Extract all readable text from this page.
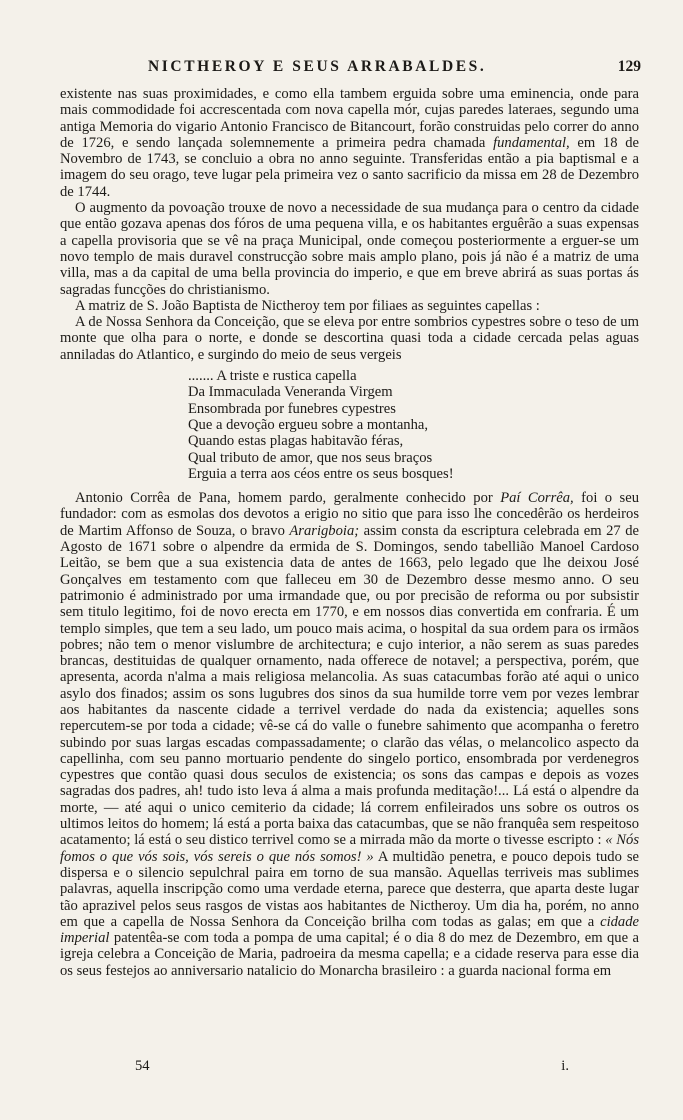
NICTHEROY E SEUS ARRABALDES.	129

existente nas suas proximidades, e como ella tambem erguida sobre uma eminencia, onde para mais commodidade foi accrescentada com nova capella mór, cujas paredes lateraes, segundo uma antiga Memoria do vigario Antonio Francisco de Bitancourt, forão construidas pelo correr do anno de 1726, e sendo lançada solemnemente a primeira pedra chamada fundamental, em 18 de Novembro de 1743, se concluio a obra no anno seguinte. Transferidas então a pia baptismal e a imagem do seu orago, teve lugar pela primeira vez o santo sacrificio da missa em 28 de Dezembro de 1744.

O augmento da povoação trouxe de novo a necessidade de sua mudança para o centro da cidade que então gozava apenas dos fóros de uma pequena villa, e os habitantes erguêrão a suas expensas a capella provisoria que se vê na praça Municipal, onde começou posteriormente a erguer-se um novo templo de mais duravel construcção sobre mais amplo plano, pois já não é a matriz de uma villa, mas a da capital de uma bella provincia do imperio, e que em breve abrirá as suas portas ás sagradas funcções do christianismo.

A matriz de S. João Baptista de Nictheroy tem por filiaes as seguintes capellas :

A de Nossa Senhora da Conceição, que se eleva por entre sombrios cypestres sobre o teso de um monte que olha para o norte, e donde se descortina quasi toda a cidade cercada pelas aguas anniladas do Atlantico, e surgindo do meio de seus vergeis

....... A triste e rustica capella
Da Immaculada Veneranda Virgem
Ensombrada por funebres cypestres
Que a devoção ergueu sobre a montanha,
Quando estas plagas habitavão féras,
Qual tributo de amor, que nos seus braços
Erguia a terra aos céos entre os seus bosques!

Antonio Corrêa de Pana, homem pardo, geralmente conhecido por Paí Corrêa, foi o seu fundador: com as esmolas dos devotos a erigio no sitio que para isso lhe concedêrão os herdeiros de Martim Affonso de Souza, o bravo Ararigboia; assim consta da escriptura celebrada em 27 de Agosto de 1671 sobre o alpendre da ermida de S. Domingos, sendo tabellião Manoel Cardoso Leitão, se bem que a sua existencia data de antes de 1663, pelo legado que lhe deixou José Gonçalves em testamento com que falleceu em 30 de Dezembro desse mesmo anno. O seu patrimonio é administrado por uma irmandade que, ou por precisão de reforma ou por subsistir sem titulo legitimo, foi de novo erecta em 1770, e em nossos dias convertida em confraria. É um templo simples, que tem a seu lado, um pouco mais acima, o hospital da sua ordem para os irmãos pobres; não tem o menor vislumbre de architectura; e cujo interior, a não serem as suas paredes brancas, destituidas de qualquer ornamento, nada offerece de notavel; a perspectiva, porém, que apresenta, acorda n'alma a mais religiosa melancolia. As suas catacumbas forão até aqui o unico asylo dos finados; assim os sons lugubres dos sinos da sua humilde torre vem por vezes lembrar aos habitantes da nascente cidade a terrivel verdade do nada da existencia; aquelles sons repercutem-se por toda a cidade; vê-se cá do valle o funebre sahimento que acompanha o feretro subindo por suas largas escadas compassadamente; o clarão das vélas, o melancolico aspecto da capellinha, com seu panno mortuario pendente do singelo portico, ensombrada por verdenegros cypestres que contão quasi dous seculos de existencia; os sons das campas e depois as vozes sagradas dos padres, ah! tudo isto leva á alma a mais profunda meditação!... Lá está o alpendre da morte, — até aqui o unico cemiterio da cidade; lá correm enfileirados uns sobre os outros os ultimos leitos do homem; lá está a porta baixa das catacumbas, que se não franquêa sem respeitoso acatamento; lá está o seu distico terrivel como se a mirrada mão da morte o tivesse escripto : « Nós fomos o que vós sois, vós sereis o que nós somos! » A multidão penetra, e pouco depois tudo se dispersa e o silencio sepulchral paira em torno de sua mansão. Aquellas terriveis mas sublimes palavras, aquella inscripção como uma verdade eterna, parece que desterra, que aparta deste lugar tão aprazivel pelos seus rasgos de vistas aos habitantes de Nictheroy. Um dia ha, porém, no anno em que a capella de Nossa Senhora da Conceição brilha com todas as galas; em que a cidade imperial patentêa-se com toda a pompa de uma capital; é o dia 8 do mez de Dezembro, em que a igreja celebra a Conceição de Maria, padroeira da mesma capella; e a cidade reserva para esse dia os seus festejos ao anniversario natalicio do Monarcha brasileiro : a guarda nacional forma em

54	i.
